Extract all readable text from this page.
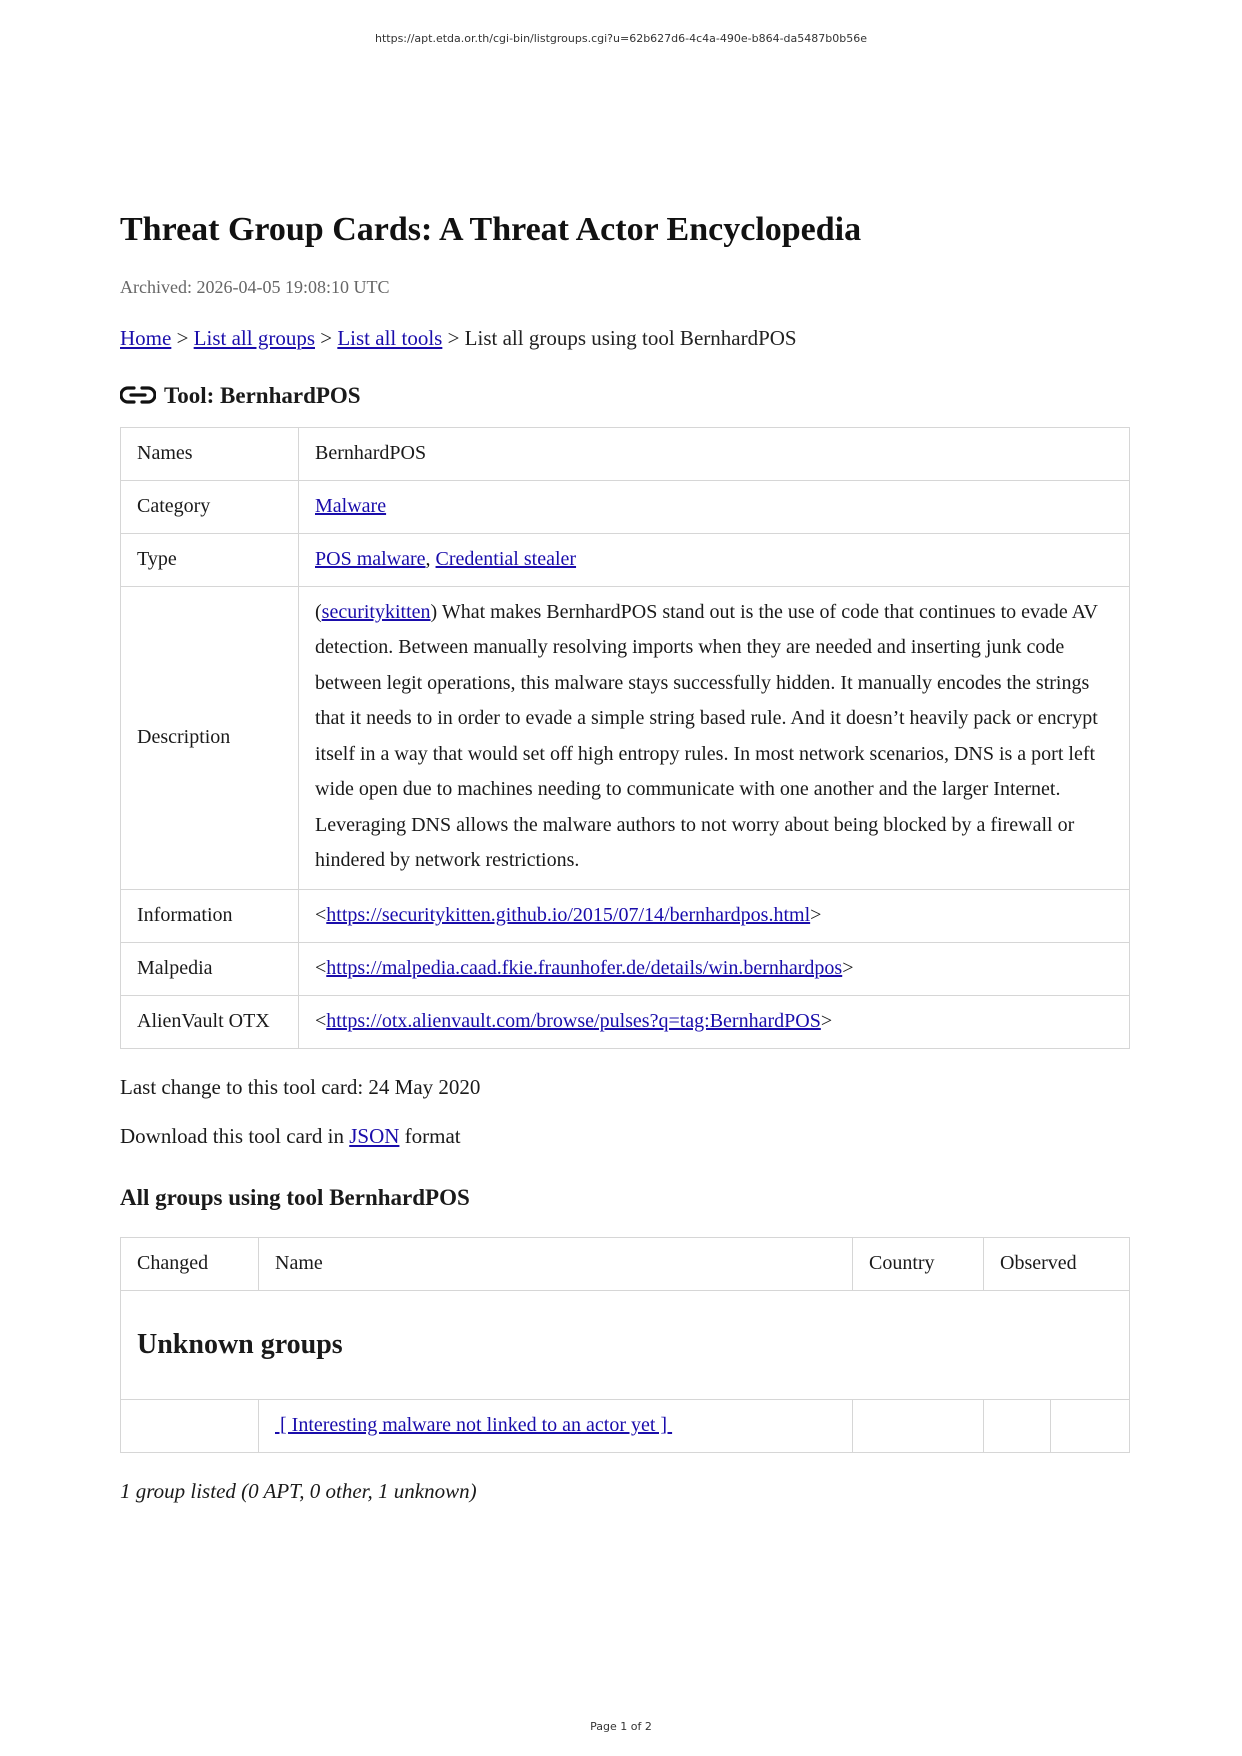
https://apt.etda.or.th/cgi-bin/listgroups.cgi?u=62b627d6-4c4a-490e-b864-da5487b0b56e
Threat Group Cards: A Threat Actor Encyclopedia
Archived: 2026-04-05 19:08:10 UTC
Home > List all groups > List all tools > List all groups using tool BernhardPOS
Tool: BernhardPOS
Names	BernhardPOS
Category	Malware
Type	POS malware, Credential stealer
Description	(securitykitten) What makes BernhardPOS stand out is the use of code that continues to evade AV detection. Between manually resolving imports when they are needed and inserting junk code between legit operations, this malware stays successfully hidden. It manually encodes the strings that it needs to in order to evade a simple string based rule. And it doesn’t heavily pack or encrypt itself in a way that would set off high entropy rules. In most network scenarios, DNS is a port left wide open due to machines needing to communicate with one another and the larger Internet. Leveraging DNS allows the malware authors to not worry about being blocked by a firewall or hindered by network restrictions.
Information	<https://securitykitten.github.io/2015/07/14/bernhardpos.html>
Malpedia	<https://malpedia.caad.fkie.fraunhofer.de/details/win.bernhardpos>
AlienVault OTX	<https://otx.alienvault.com/browse/pulses?q=tag:BernhardPOS>
Last change to this tool card: 24 May 2020
Download this tool card in JSON format
All groups using tool BernhardPOS
Changed	Name	Country	Observed	
Unknown groups				
	[ Interesting malware not linked to an actor yet ]			
1 group listed (0 APT, 0 other, 1 unknown)
Page 1 of 2
